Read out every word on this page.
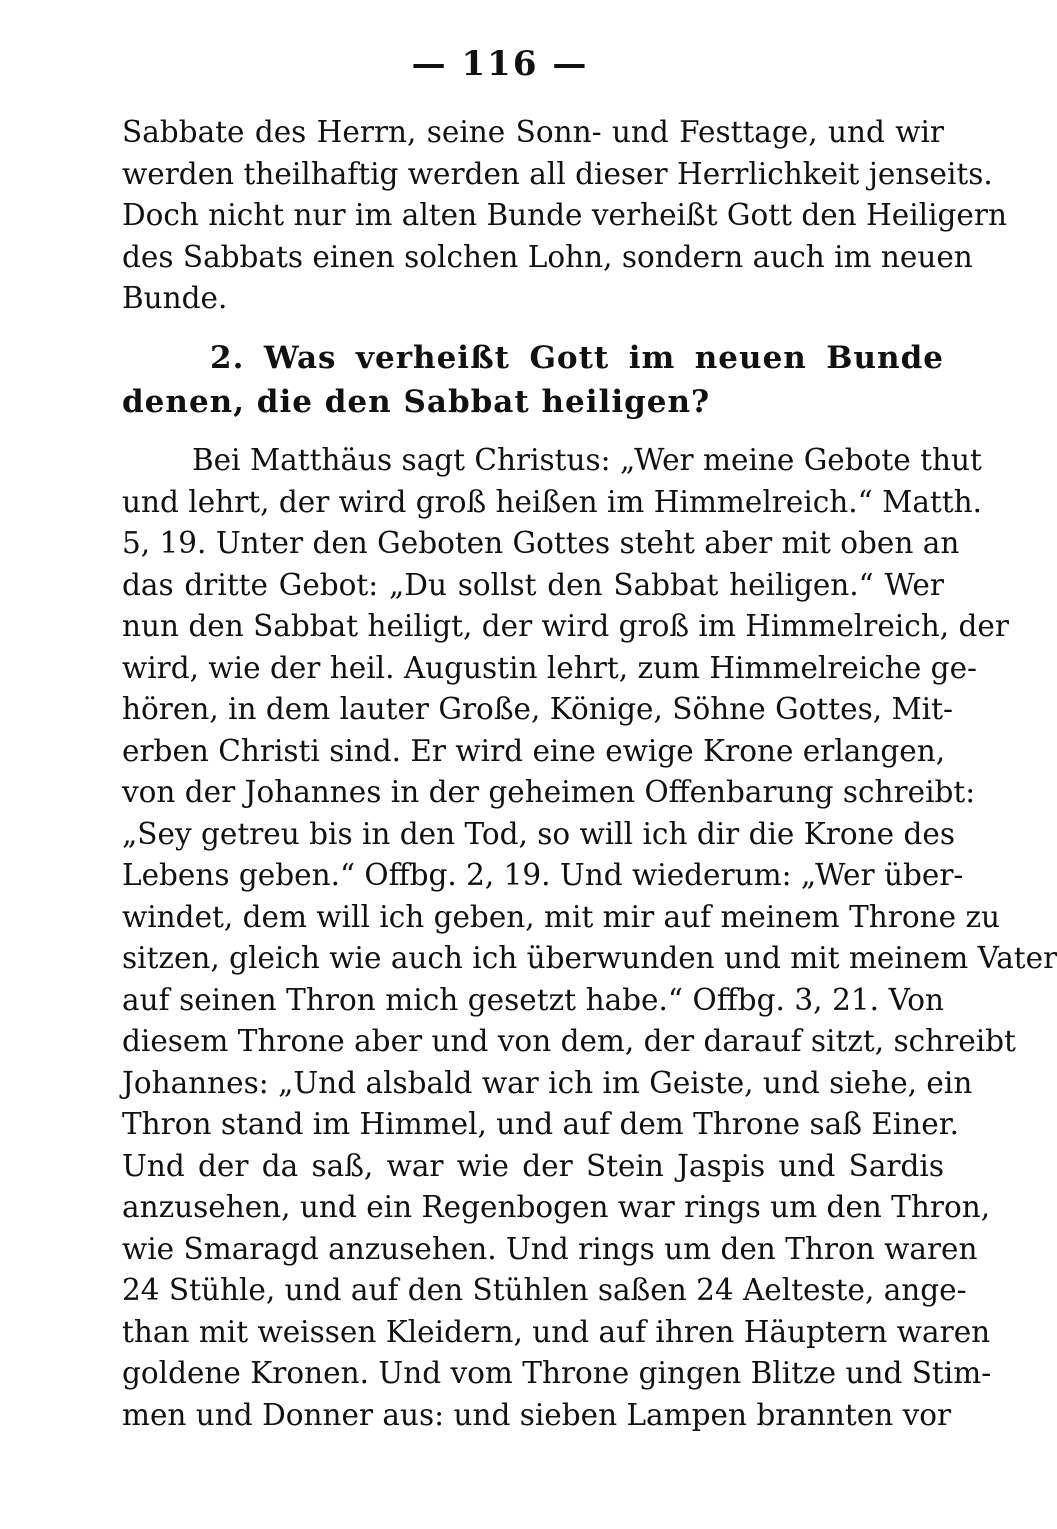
— 116 —
Sabbate des Herrn, seine Sonn- und Festtage, und wir
werden theilhaftig werden all dieser Herrlichkeit jenseits.
Doch nicht nur im alten Bunde verheißt Gott den Heiligern
des Sabbats einen solchen Lohn, sondern auch im neuen
Bunde.
2. Was verheißt Gott im neuen Bunde
denen, die den Sabbat heiligen?
Bei Matthäus sagt Christus: „Wer meine Gebote thut
und lehrt, der wird groß heißen im Himmelreich.“ Matth.
5, 19. Unter den Geboten Gottes steht aber mit oben an
das dritte Gebot: „Du sollst den Sabbat heiligen.“ Wer
nun den Sabbat heiligt, der wird groß im Himmelreich, der
wird, wie der heil. Augustin lehrt, zum Himmelreiche ge-
hören, in dem lauter Große, Könige, Söhne Gottes, Mit-
erben Christi sind. Er wird eine ewige Krone erlangen,
von der Johannes in der geheimen Offenbarung schreibt:
„Sey getreu bis in den Tod, so will ich dir die Krone des
Lebens geben.“ Offbg. 2, 19. Und wiederum: „Wer über-
windet, dem will ich geben, mit mir auf meinem Throne zu
sitzen, gleich wie auch ich überwunden und mit meinem Vater
auf seinen Thron mich gesetzt habe.“ Offbg. 3, 21. Von
diesem Throne aber und von dem, der darauf sitzt, schreibt
Johannes: „Und alsbald war ich im Geiste, und siehe, ein
Thron stand im Himmel, und auf dem Throne saß Einer.
Und der da saß, war wie der Stein Jaspis und Sardis
anzusehen, und ein Regenbogen war rings um den Thron,
wie Smaragd anzusehen. Und rings um den Thron waren
24 Stühle, und auf den Stühlen saßen 24 Aelteste, ange-
than mit weissen Kleidern, und auf ihren Häuptern waren
goldene Kronen. Und vom Throne gingen Blitze und Stim-
men und Donner aus: und sieben Lampen brannten vor
